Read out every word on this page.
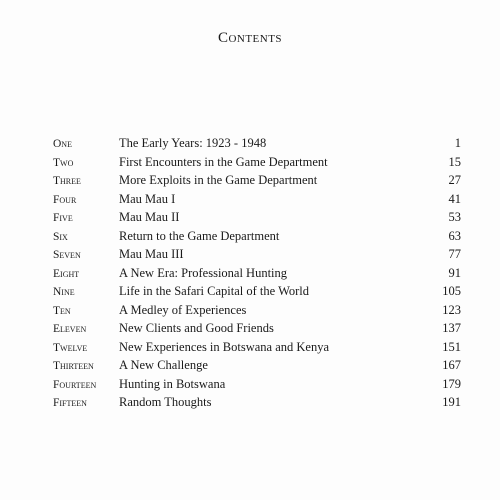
Contents
One	The Early Years: 1923 - 1948	1
Two	First Encounters in the Game Department	15
Three	More Exploits in the Game Department	27
Four	Mau Mau I	41
Five	Mau Mau II	53
Six	Return to the Game Department	63
Seven	Mau Mau III	77
Eight	A New Era: Professional Hunting	91
Nine	Life in the Safari Capital of the World	105
Ten	A Medley of Experiences	123
Eleven	New Clients and Good Friends	137
Twelve	New Experiences in Botswana and Kenya	151
Thirteen	A New Challenge	167
Fourteen	Hunting in Botswana	179
Fifteen	Random Thoughts	191
